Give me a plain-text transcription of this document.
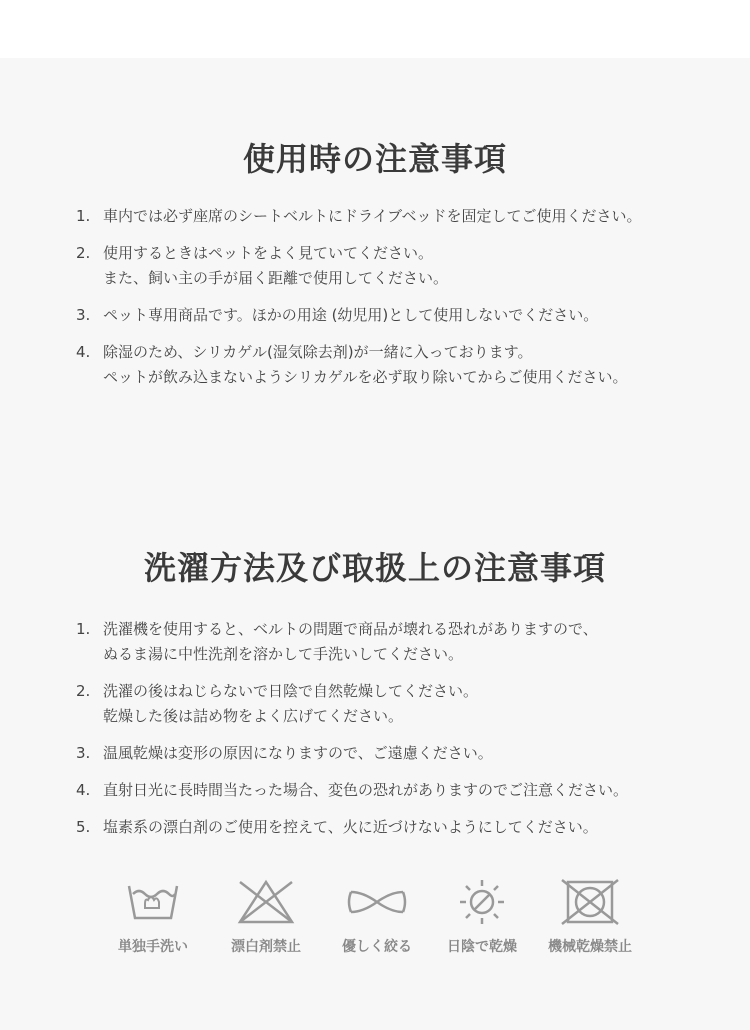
使用時の注意事項
1. 車内では必ず座席のシートベルトにドライブベッドを固定してご使用ください。
2. 使用するときはペットをよく見ていてください。
また、飼い主の手が届く距離で使用してください。
3. ペット専用商品です。ほかの用途 (幼児用)として使用しないでください。
4. 除湿のため、シリカゲル(湿気除去剤)が一緒に入っております。
ペットが飲み込まないようシリカゲルを必ず取り除いてからご使用ください。
洗濯方法及び取扱上の注意事項
1. 洗濯機を使用すると、ベルトの問題で商品が壊れる恐れがありますので、
ぬるま湯に中性洗剤を溶かして手洗いしてください。
2. 洗濯の後はねじらないで日陰で自然乾燥してください。
乾燥した後は詰め物をよく広げてください。
3. 温風乾燥は変形の原因になりますので、ご遠慮ください。
4. 直射日光に長時間当たった場合、変色の恐れがありますのでご注意ください。
5. 塩素系の漂白剤のご使用を控えて、火に近づけないようにしてください。
単独手洗い	漂白剤禁止	優しく絞る	日陰で乾燥	機械乾燥禁止
